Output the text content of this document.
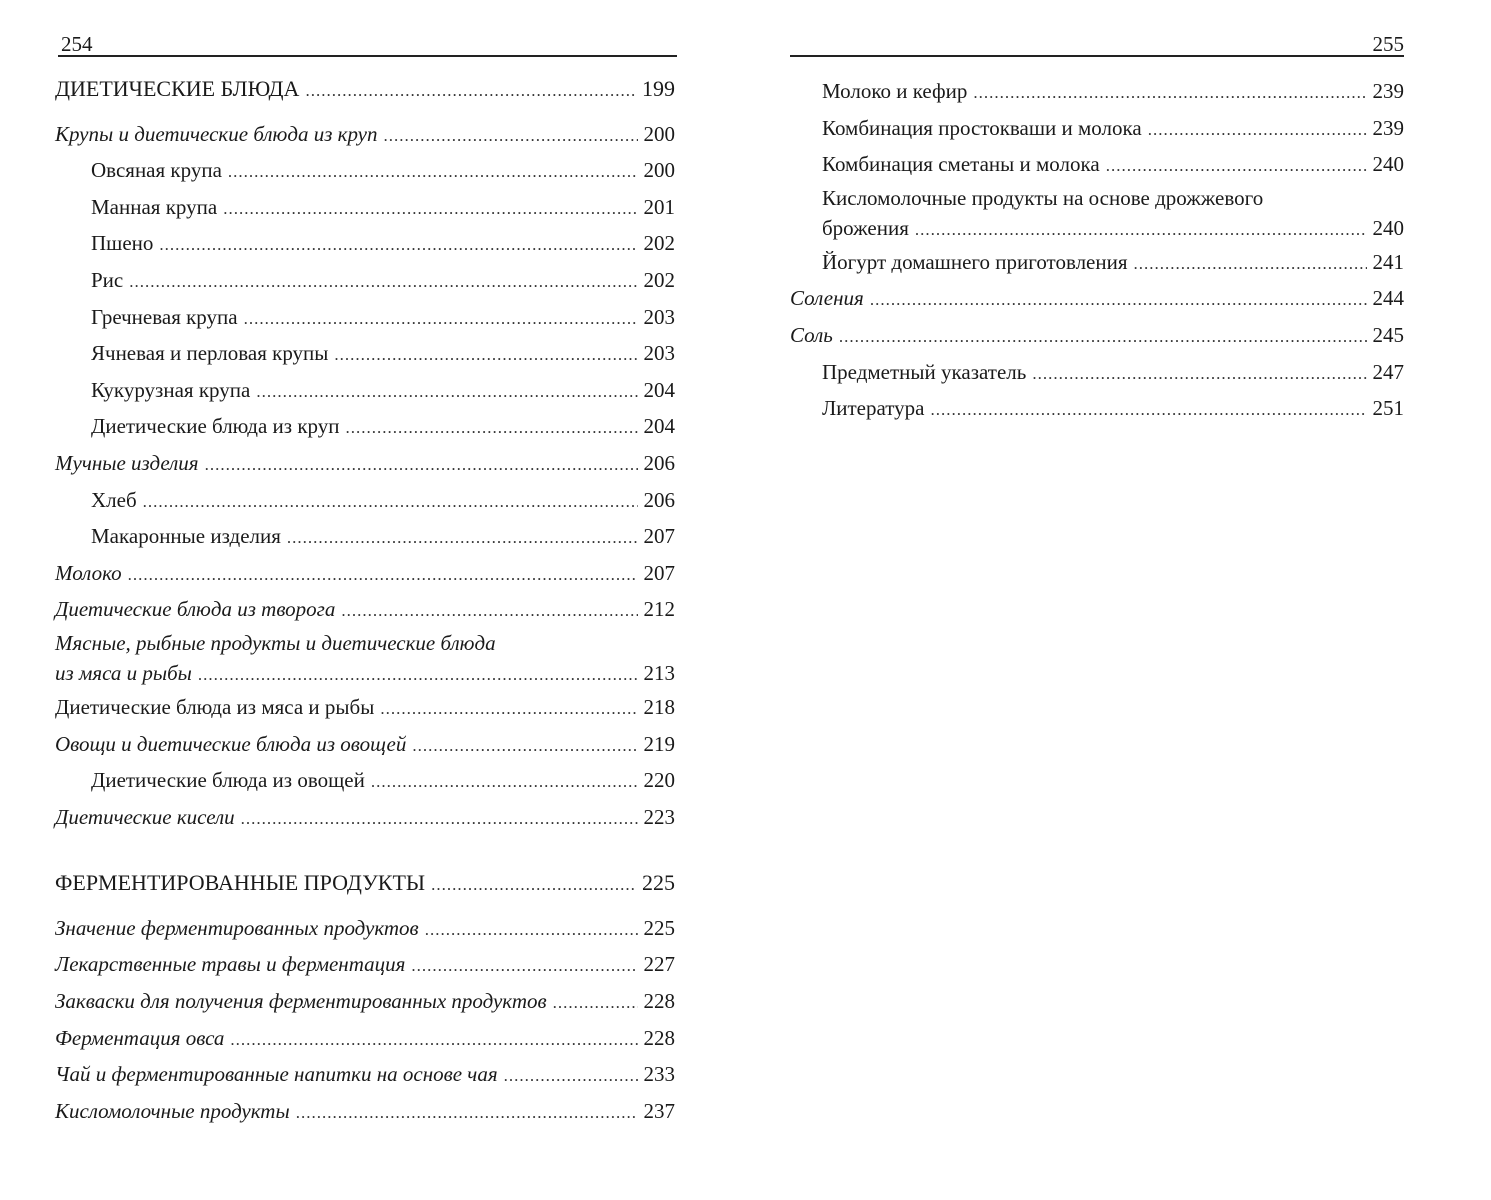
254
ДИЕТИЧЕСКИЕ БЛЮДА .....	199
Крупы и диетические блюда из круп .....	200
Овсяная крупа .....	200
Манная крупа .....	201
Пшено .....	202
Рис .....	202
Гречневая крупа .....	203
Ячневая и перловая крупы .....	203
Кукурузная крупа .....	204
Диетические блюда из круп .....	204
Мучные изделия .....	206
Хлеб .....	206
Макаронные изделия .....	207
Молоко .....	207
Диетические блюда из творога .....	212
Мясные, рыбные продукты и диетические блюда
из мяса и рыбы .....	213
Диетические блюда из мяса и рыбы .....	218
Овощи и диетические блюда из овощей .....	219
Диетические блюда из овощей .....	220
Диетические кисели .....	223
ФЕРМЕНТИРОВАННЫЕ ПРОДУКТЫ .....	225
Значение ферментированных продуктов .....	225
Лекарственные травы и ферментация .....	227
Закваски для получения ферментированных продуктов .....	228
Ферментация овса .....	228
Чай и ферментированные напитки на основе чая .....	233
Кисломолочные продукты .....	237
255
Молоко и кефир .....	239
Комбинация простокваши и молока .....	239
Комбинация сметаны и молока .....	240
Кисломолочные продукты на основе дрожжевого
брожения .....	240
Йогурт домашнего приготовления .....	241
Соления .....	244
Соль .....	245
Предметный указатель .....	247
Литература .....	251
